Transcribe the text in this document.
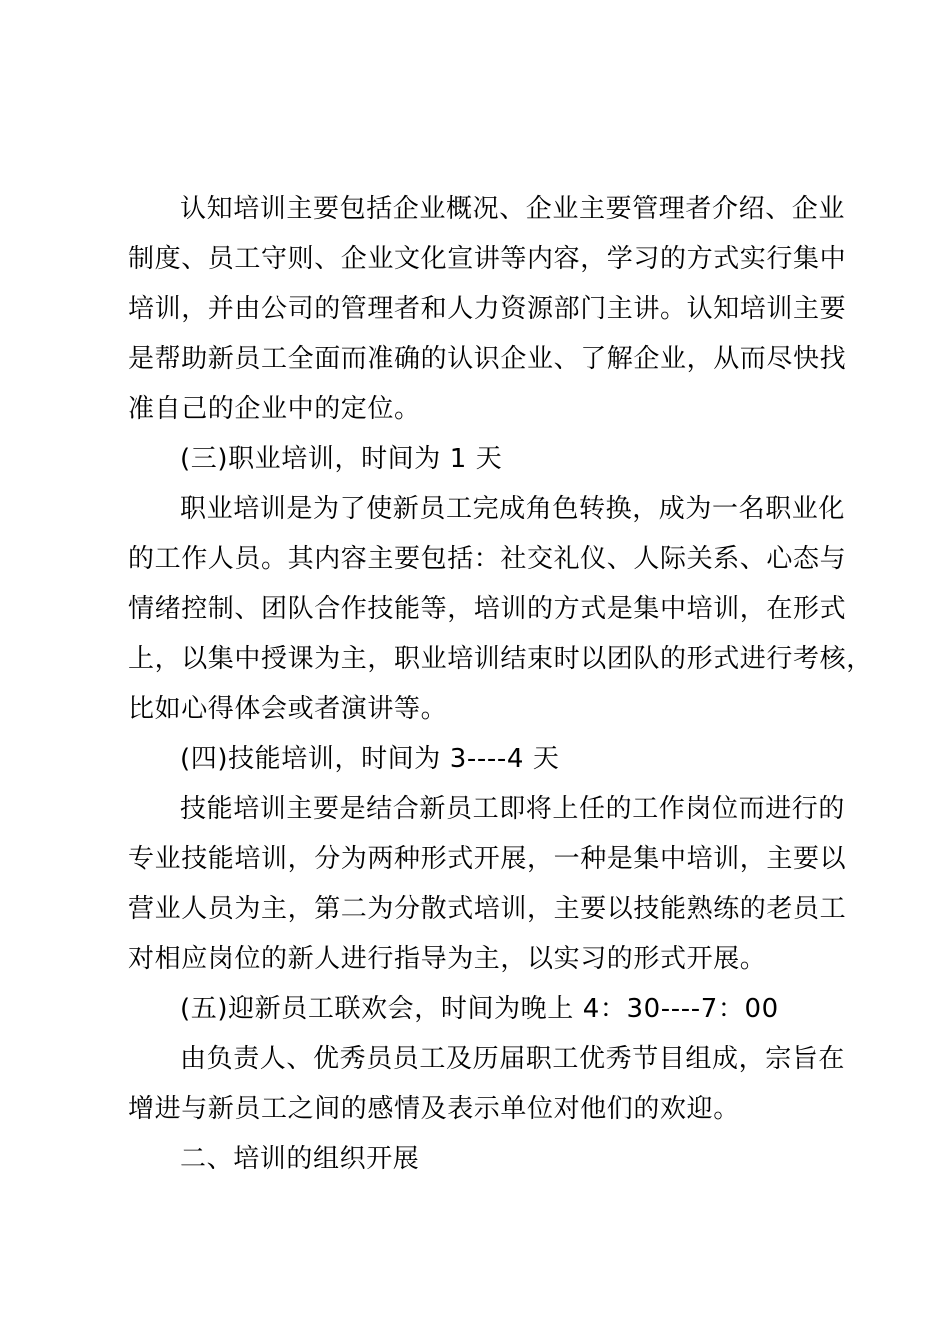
认知培训主要包括企业概况、企业主要管理者介绍、企业
制度、员工守则、企业文化宣讲等内容，学习的方式实行集中
培训，并由公司的管理者和人力资源部门主讲。认知培训主要
是帮助新员工全面而准确的认识企业、了解企业，从而尽快找
准自己的企业中的定位。
(三)职业培训，时间为 1 天
职业培训是为了使新员工完成角色转换，成为一名职业化
的工作人员。其内容主要包括：社交礼仪、人际关系、心态与
情绪控制、团队合作技能等，培训的方式是集中培训，在形式
上，以集中授课为主，职业培训结束时以团队的形式进行考核，
比如心得体会或者演讲等。
(四)技能培训，时间为 3----4 天
技能培训主要是结合新员工即将上任的工作岗位而进行的
专业技能培训，分为两种形式开展，一种是集中培训，主要以
营业人员为主，第二为分散式培训，主要以技能熟练的老员工
对相应岗位的新人进行指导为主，以实习的形式开展。
(五)迎新员工联欢会，时间为晚上 4：30----7：00
由负责人、优秀员员工及历届职工优秀节目组成，宗旨在
增进与新员工之间的感情及表示单位对他们的欢迎。
二、培训的组织开展
